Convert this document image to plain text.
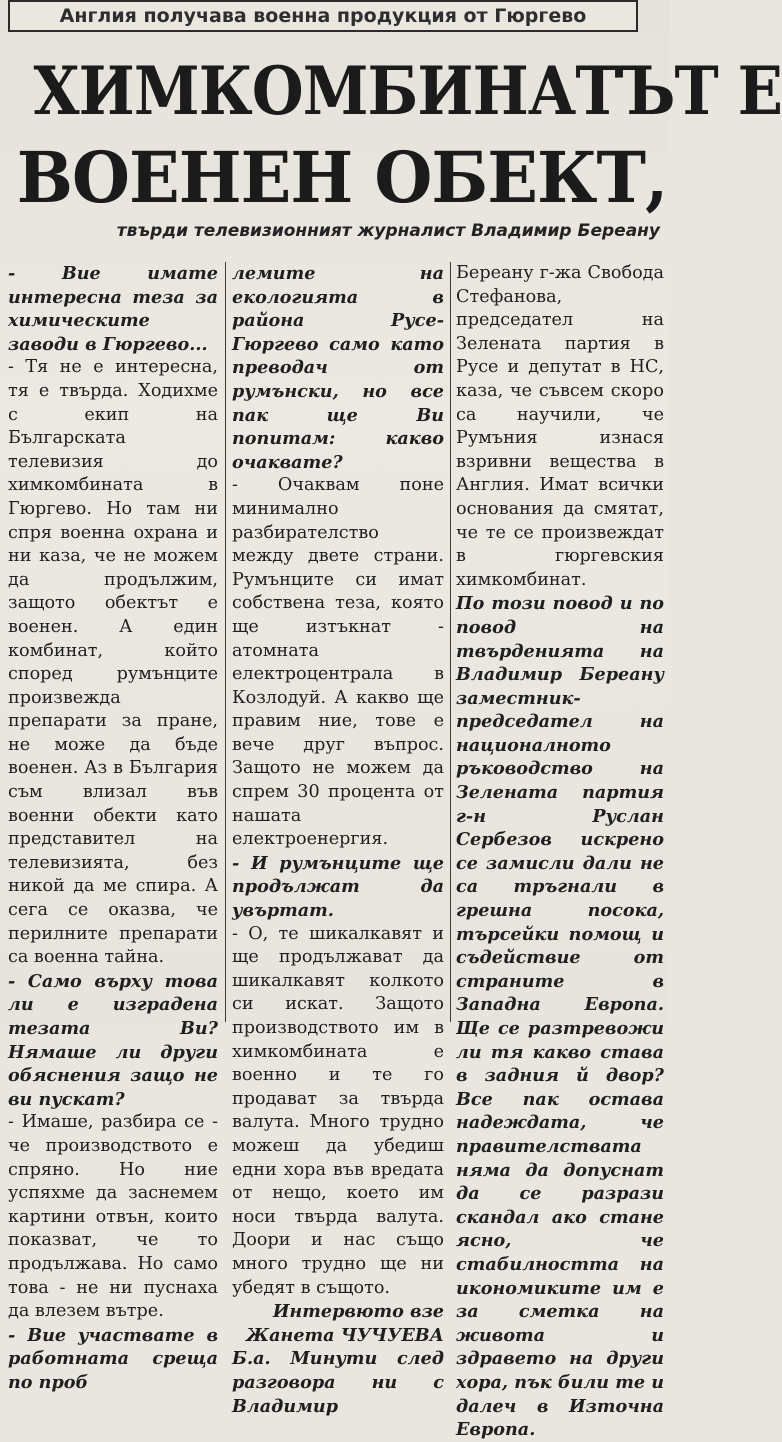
Англия получава военна продукция от Гюргево
ХИМКОМБИНАТЪТ Е
ВОЕНЕН ОБЕКТ,
твърди телевизионният журналист Владимир Береану

- Вие имате интересна теза за химическите заводи в Гюргево...

- Тя не е интересна, тя е твърда. Ходихме с екип на Българската телевизия до химкомбината в Гюргево. Но там ни спря военна охрана и ни каза, че не можем да продължим, защото обектът е военен. А един комбинат, който според румънците произвежда препарати за пране, не може да бъде военен. Аз в България съм влизал във военни обекти като представител на телевизията, без никой да ме спира. А сега се оказва, че перилните препарати са военна тайна.

- Само върху това ли е изградена тезата Ви? Нямаше ли други обяснения защо не ви пускат?

- Имаше, разбира се - че производството е спряно. Но ние успяхме да заснемем картини отвън, които показват, че то продължава. Но само това - не ни пуснаха да влезем вътре.

- Вие участвате в работната среща по проб

лемите на екологията в района Русе-Гюргево само като преводач от румънски, но все пак ще Ви попитам: какво очаквате?

- Очаквам поне минимално разбирателство между двете страни. Румънците си имат собствена теза, която ще изтъкнат - атомната електроцентрала в Козлодуй. А какво ще правим ние, тове е вече друг въпрос. Защото не можем да спрем 30 процента от нашата електроенергия.

- И румънците ще продължат да увъртат.

- О, те шикалкавят и ще продължават да шикалкавят колкото си искат. Защото производството им в химкомбината е военно и те го продават за твърда валута. Много трудно можеш да убедиш едни хора във вредата от нещо, което им носи твърда валута. Доори и нас също много трудно ще ни убедят в същото.

Интервюто взе

Жанета ЧУЧУЕВА

Б.а. Минути след разговора ни с Владимир

Береану г-жа Свобода Стефанова, председател на Зелената партия в Русе и депутат в НС, каза, че съвсем скоро са научили, че Румъния изнася взривни вещества в Англия. Имат всички основания да смятат, че те се произвеждат в гюргевския химкомбинат.

По този повод и по повод на твърденията на Владимир Береану заместник-председател на националното ръководство на Зелената партия г-н Руслан Сербезов искрено се замисли дали не са тръгнали в грешна посока, търсейки помощ и съдействие от страните в Западна Европа. Ще се разтревожи ли тя какво става в задния й двор? Все пак остава надеждата, че правителствата няма да допуснат да се разрази скандал ако стане ясно, че стабилността на икономиките им е за сметка на живота и здравето на други хора, пък били те и далеч в Източна Европа.
